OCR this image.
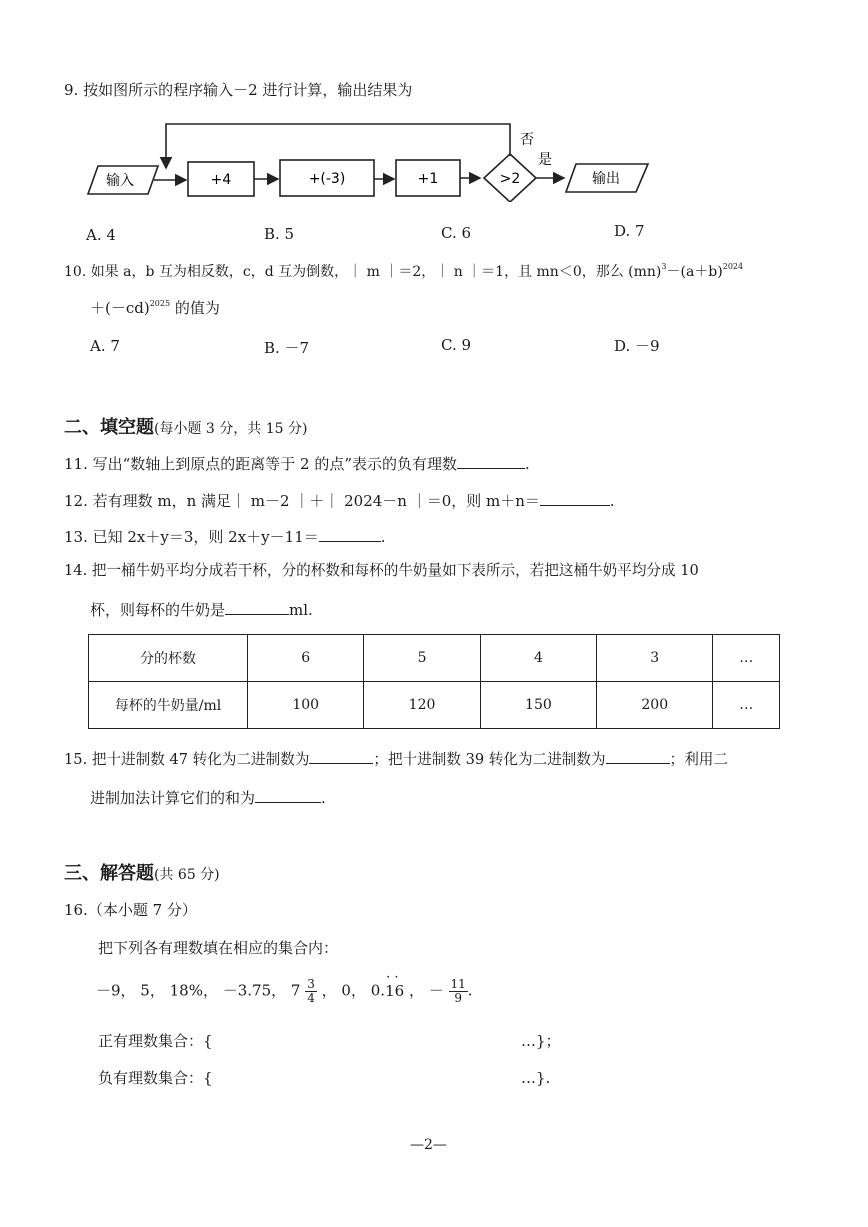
9. 按如图所示的程序输入－2 进行计算，输出结果为
输入	+4	+(-3)	+1	>2
否
是
输出
A. 4	B. 5	C. 6	D. 7
10. 如果 a，b 互为相反数，c，d 互为倒数，｜ m ｜＝2，｜ n ｜＝1，且 mn＜0，那么 $(mn)^3-(a+b)^{2024}$
$+(-cd)^{2025}$ 的值为
A. 7	B. －7	C. 9	D. －9
二、填空题(每小题 3 分，共 15 分)
11. 写出“数轴上到原点的距离等于 2 的点”表示的负有理数	.
12. 若有理数 m，n 满足｜ m－2 ｜＋｜ 2024－n ｜＝0，则 m＋n＝	.
13. 已知 2x＋y＝3，则 2x＋y－11＝	.
14. 把一桶牛奶平均分成若干杯，分的杯数和每杯的牛奶量如下表所示，若把这桶牛奶平均分成 10
杯，则每杯的牛奶是	ml.
分的杯数	6	5	4	3	…
每杯的牛奶量/ml	100	120	150	200	…
15. 把十进制数 47 转化为二进制数为	；把十进制数 39 转化为二进制数为	；利用二
进制加法计算它们的和为	.
三、解答题(共 65 分)
16.（本小题 7 分）
把下列各有理数填在相应的集合内：
－9， 5， 18%， －3.75， $7 \frac{3}{4}$ ， 0， 0.16
· ·
， － $\frac{11}{9}$ .
正有理数集合：{	…}；
负有理数集合：{	…}.
—2—
